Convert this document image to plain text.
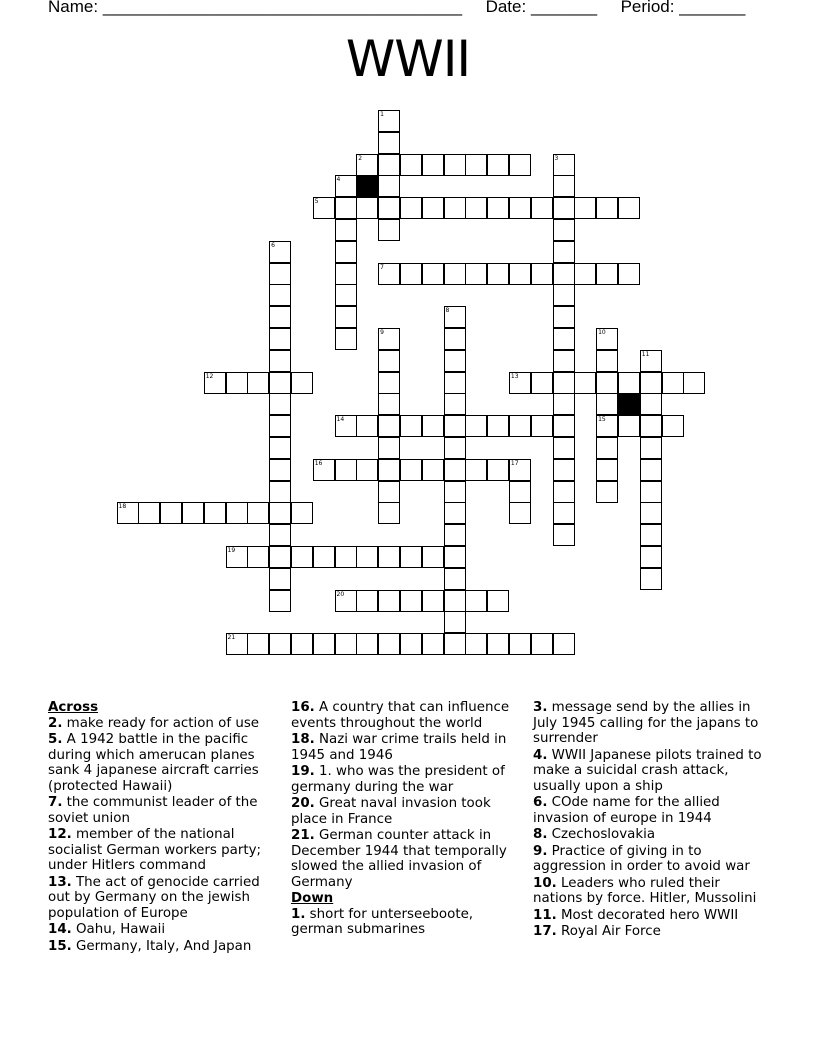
Name: ______________________________________ Date: _______ Period: _______
WWII
1
2	3
4
5
6
7
8
9	10
15
11
12	13
14
16	17
18
19
20
21
Across
2. make ready for action of use
5. A 1942 battle in the pacific during which amerucan planes sank 4 japanese aircraft carries (protected Hawaii)
7. the communist leader of the soviet union
12. member of the national socialist German workers party; under Hitlers command
13. The act of genocide carried out by Germany on the jewish population of Europe
14. Oahu, Hawaii
15. Germany, Italy, And Japan
16. A country that can influence events throughout the world
18. Nazi war crime trails held in 1945 and 1946
19. 1. who was the president of germany during the war
20. Great naval invasion took place in France
21. German counter attack in December 1944 that temporally slowed the allied invasion of Germany
Down
1. short for unterseeboote, german submarines
3. message send by the allies in July 1945 calling for the japans to surrender
4. WWII Japanese pilots trained to make a suicidal crash attack, usually upon a ship
6. COde name for the allied invasion of europe in 1944
8. Czechoslovakia
9. Practice of giving in to aggression in order to avoid war
10. Leaders who ruled their nations by force. Hitler, Mussolini
11. Most decorated hero WWII
17. Royal Air Force
